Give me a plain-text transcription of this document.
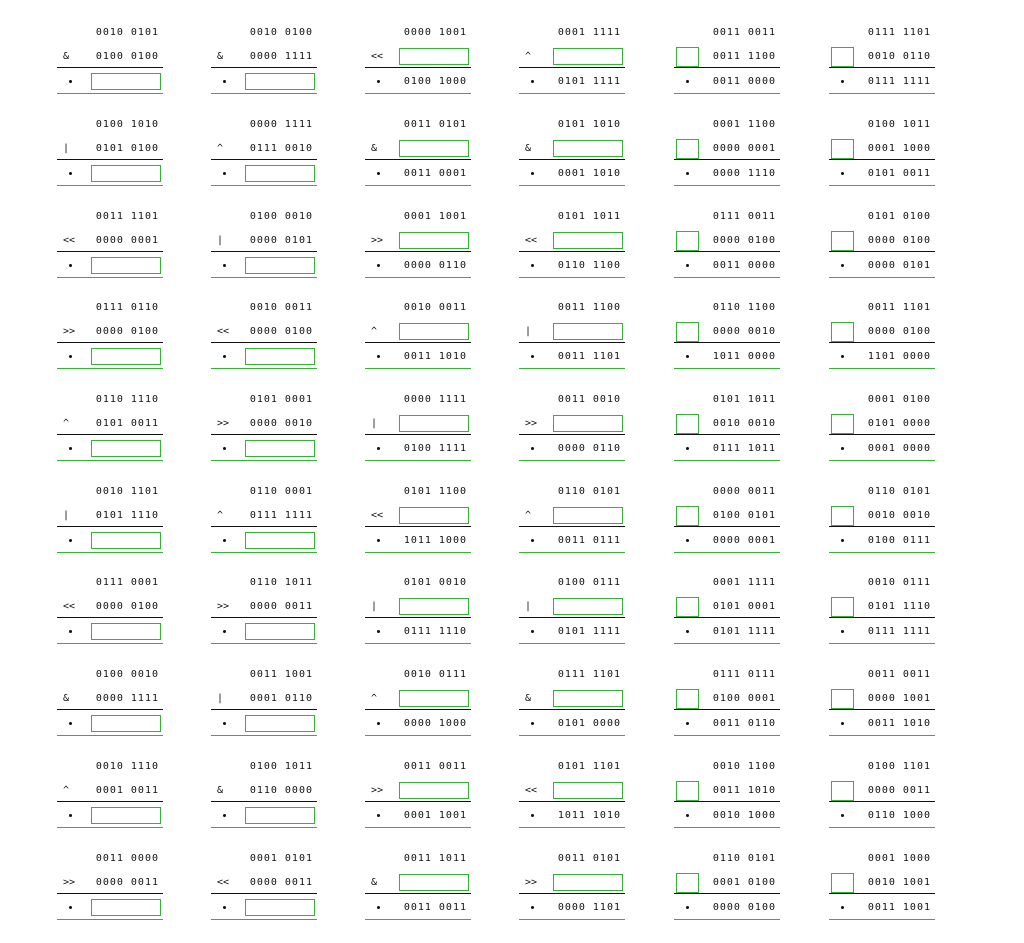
0010 0101
&	0100 0100
0010 0100
&	0000 1111
0000 1001
<<
0100 1000
0001 1111
^
0101 1111
0011 0011
0011 1100
0011 0000
0111 1101
0010 0110
0111 1111
0100 1010
|	0101 0100
0000 1111
^	0111 0010
0011 0101
&
0011 0001
0101 1010
&
0001 1010
0001 1100
0000 0001
0000 1110
0100 1011
0001 1000
0101 0011
0011 1101
<< 0000 0001
0100 0010
|	0000 0101
0001 1001
>>
0000 0110
0101 1011
<<
0110 1100
0111 0011
0000 0100
0011 0000
0101 0100
0000 0100
0000 0101
0111 0110
>> 0000 0100
0010 0011
<< 0000 0100
0010 0011
^
0011 1010
0011 1100
|
0011 1101
0110 1100
0000 0010
1011 0000
0011 1101
0000 0100
1101 0000
0110 1110
^	0101 0011
0101 0001
>> 0000 0010
0000 1111
|
0100 1111
0011 0010
>>
0000 0110
0101 1011
0010 0010
0111 1011
0001 0100
0101 0000
0001 0000
0010 1101
|	0101 1110
0110 0001
^	0111 1111
0101 1100
<<
1011 1000
0110 0101
^
0011 0111
0000 0011
0100 0101
0000 0001
0110 0101
0010 0010
0100 0111
0111 0001
<< 0000 0100
0110 1011
>> 0000 0011
0101 0010
|
0111 1110
0100 0111
|
0101 1111
0001 1111
0101 0001
0101 1111
0010 0111
0101 1110
0111 1111
0100 0010
&	0000 1111
0011 1001
|	0001 0110
0010 0111
^
0000 1000
0111 1101
&
0101 0000
0111 0111
0100 0001
0011 0110
0011 0011
0000 1001
0011 1010
0010 1110
^	0001 0011
0100 1011
&	0110 0000
0011 0011
>>
0001 1001
0101 1101
<<
1011 1010
0010 1100
0011 1010
0010 1000
0100 1101
0000 0011
0110 1000
0011 0000
>> 0000 0011
0001 0101
<< 0000 0011
0011 1011
&
0011 0011
0011 0101
>>
0000 1101
0110 0101
0001 0100
0000 0100
0001 1000
0010 1001
0011 1001
